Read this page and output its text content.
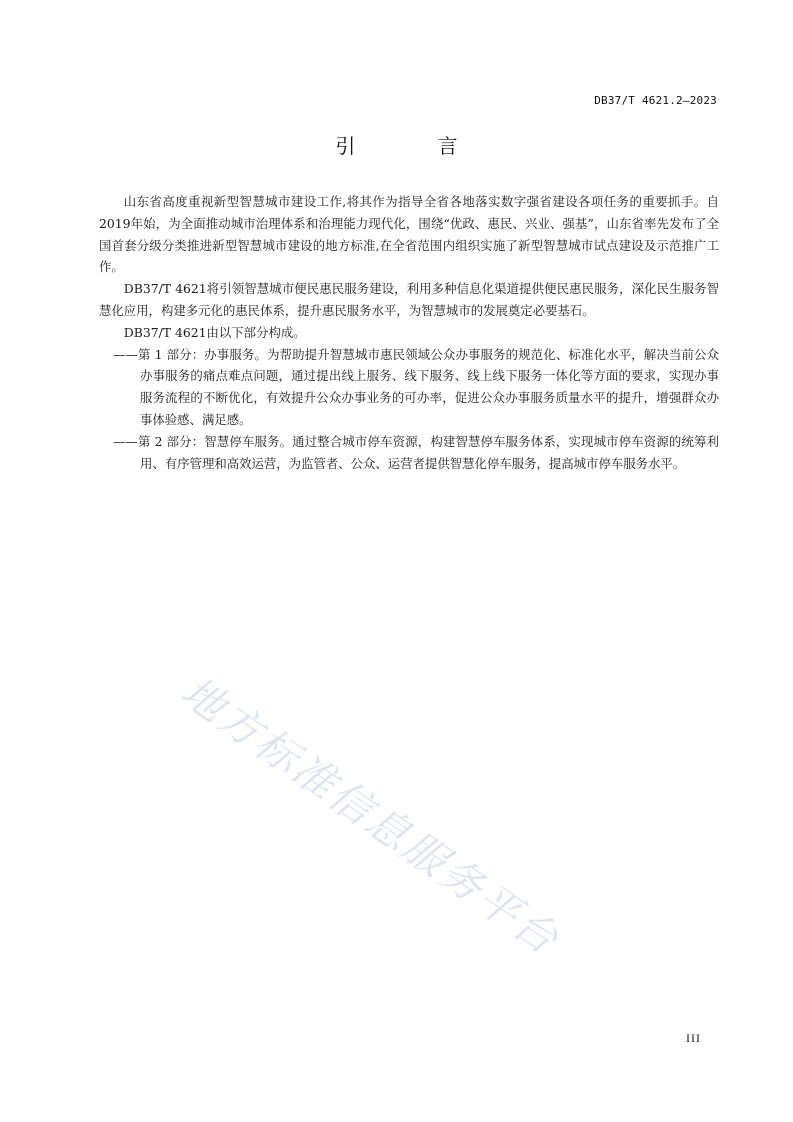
DB37/T 4621.2—2023
引 言

山东省高度重视新型智慧城市建设工作,将其作为指导全省各地落实数字强省建设各项任务的重要抓手。自2019年始，为全面推动城市治理体系和治理能力现代化，围绕“优政、惠民、兴业、强基”，山东省率先发布了全国首套分级分类推进新型智慧城市建设的地方标准,在全省范围内组织实施了新型智慧城市试点建设及示范推广工作。

DB37/T 4621将引领智慧城市便民惠民服务建设，利用多种信息化渠道提供便民惠民服务，深化民生服务智慧化应用，构建多元化的惠民体系，提升惠民服务水平，为智慧城市的发展奠定必要基石。

DB37/T 4621由以下部分构成。

——第 1 部分：办事服务。为帮助提升智慧城市惠民领域公众办事服务的规范化、标准化水平，解决当前公众办事服务的痛点难点问题，通过提出线上服务、线下服务、线上线下服务一体化等方面的要求，实现办事服务流程的不断优化，有效提升公众办事业务的可办率，促进公众办事服务质量水平的提升，增强群众办事体验感、满足感。

——第 2 部分：智慧停车服务。通过整合城市停车资源，构建智慧停车服务体系，实现城市停车资源的统筹利用、有序管理和高效运营，为监管者、公众、运营者提供智慧化停车服务，提高城市停车服务水平。

地方标准信息服务平台
III
